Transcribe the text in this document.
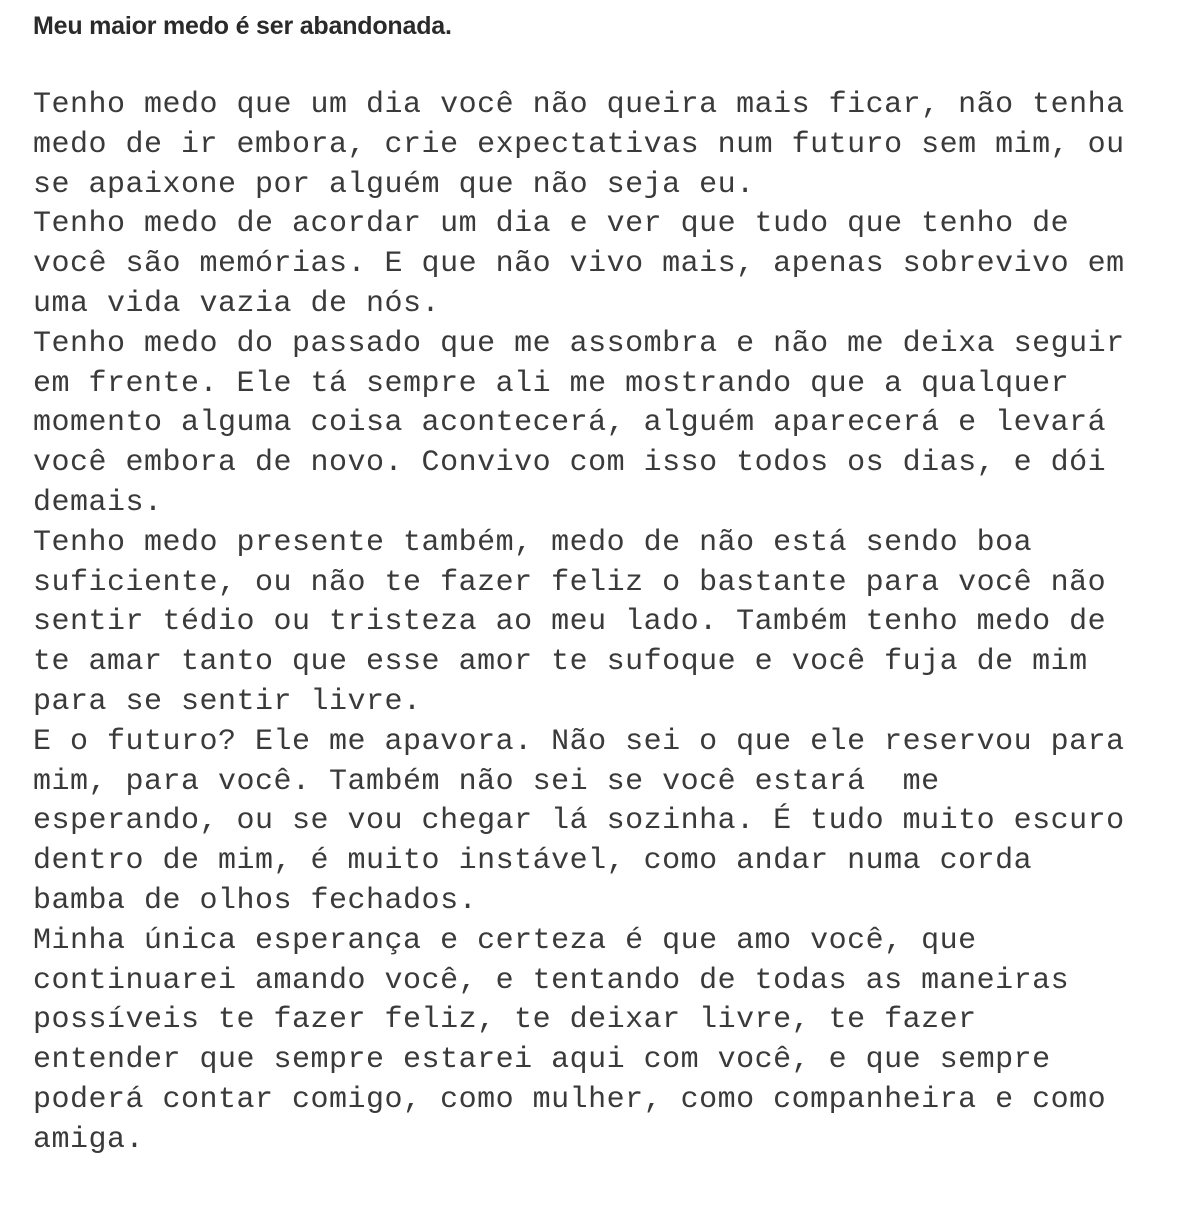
Meu maior medo é ser abandonada.
Tenho medo que um dia você não queira mais ficar, não tenha
medo de ir embora, crie expectativas num futuro sem mim, ou
se apaixone por alguém que não seja eu.
Tenho medo de acordar um dia e ver que tudo que tenho de
você são memórias. E que não vivo mais, apenas sobrevivo em
uma vida vazia de nós.
Tenho medo do passado que me assombra e não me deixa seguir
em frente. Ele tá sempre ali me mostrando que a qualquer
momento alguma coisa acontecerá, alguém aparecerá e levará
você embora de novo. Convivo com isso todos os dias, e dói
demais.
Tenho medo presente também, medo de não está sendo boa
suficiente, ou não te fazer feliz o bastante para você não
sentir tédio ou tristeza ao meu lado. Também tenho medo de
te amar tanto que esse amor te sufoque e você fuja de mim
para se sentir livre.
E o futuro? Ele me apavora. Não sei o que ele reservou para
mim, para você. Também não sei se você estará  me
esperando, ou se vou chegar lá sozinha. É tudo muito escuro
dentro de mim, é muito instável, como andar numa corda
bamba de olhos fechados.
Minha única esperança e certeza é que amo você, que
continuarei amando você, e tentando de todas as maneiras
possíveis te fazer feliz, te deixar livre, te fazer
entender que sempre estarei aqui com você, e que sempre
poderá contar comigo, como mulher, como companheira e como
amiga.
